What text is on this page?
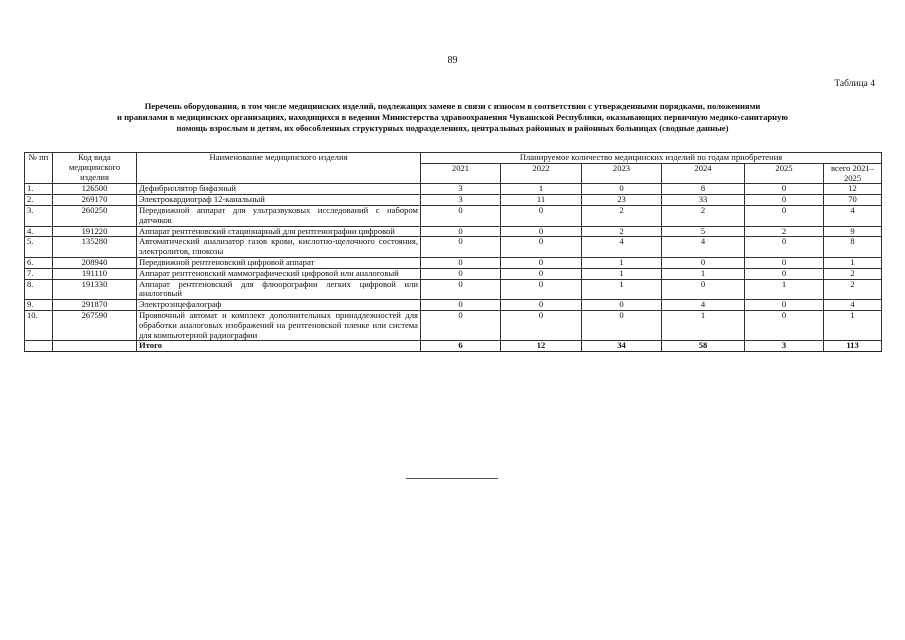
89
Таблица 4
Перечень оборудования, в том числе медицинских изделий, подлежащих замене в связи с износом в соответствии с утвержденными порядками, положениями
и правилами в медицинских организациях, находящихся в ведении Министерства здравоохранения Чувашской Республики, оказывающих первичную медико-санитарную
помощь взрослым и детям, их обособленных структурных подразделениях, центральных районных и районных больницах (сводные данные)
№ пп	Код вида медицинского изделия	Наименование медицинского изделия	Планируемое количество медицинских изделий по годам приобретения					
			2021	2022	2023	2024	2025	всего 2021–2025
1.	126500	Дефибриллятор бифазный	3	1	0	8	0	12
2.	269170	Электрокардиограф 12-канальный	3	11	23	33	0	70
3.	260250	Передвижной аппарат для ультразвуковых исследований с набором датчиков	0	0	2	2	0	4
4.	191220	Аппарат рентгеновский стационарный для рентгенографии цифровой	0	0	2	5	2	9
5.	135280	Автоматический анализатор газов крови, кислотно-щелочного состояния, электролитов, глюкозы	0	0	4	4	0	8
6.	208940	Передвижной рентгеновский цифровой аппарат	0	0	1	0	0	1
7.	191110	Аппарат рентгеновский маммографический цифровой или аналоговый	0	0	1	1	0	2
8.	191330	Аппарат рентгеновский для флюорографии легких цифровой или аналоговый	0	0	1	0	1	2
9.	291870	Электроэнцефалограф	0	0	0	4	0	4
10.	267590	Проявочный автомат и комплект дополнительных принадлежностей для обработки аналоговых изображений на рентгеновской пленке или система для компьютерной радиографии	0	0	0	1	0	1
		Итого	6	12	34	58	3	113
